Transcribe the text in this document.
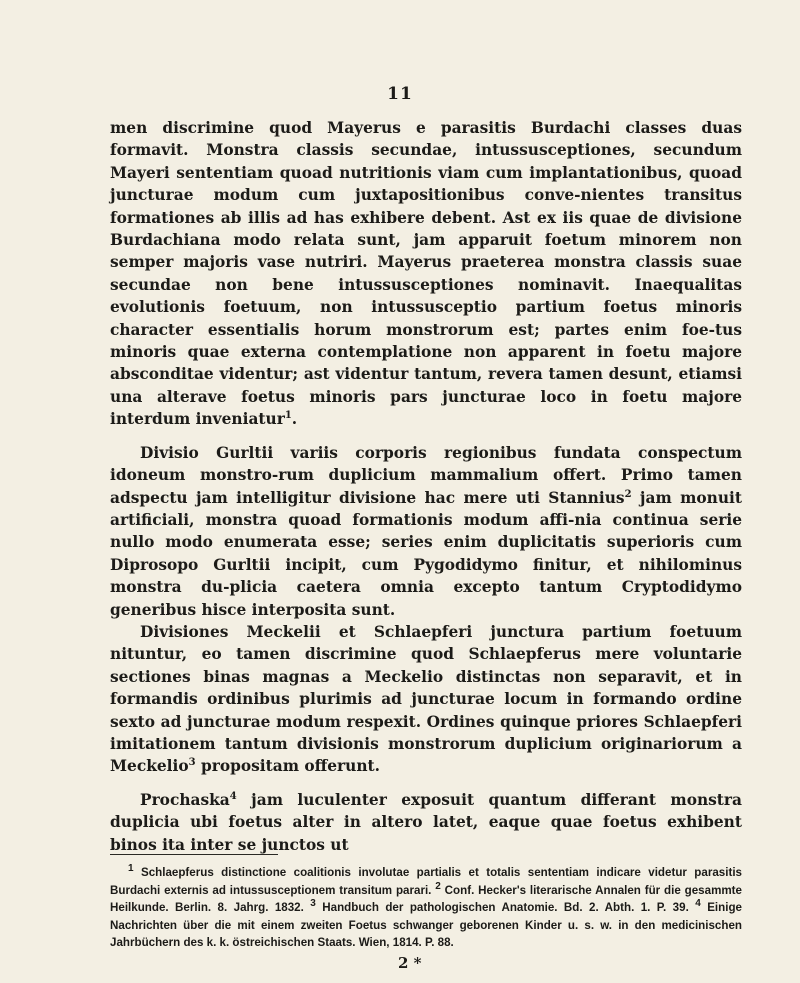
11

men discrimine quod Mayerus e parasitis Burdachi classes duas formavit. Monstra classis secundae, intussusceptiones, secundum Mayeri sententiam quoad nutritionis viam cum implantationibus, quoad juncturae modum cum juxtapositionibus conve-nientes transitus formationes ab illis ad has exhibere debent. Ast ex iis quae de divisione Burdachiana modo relata sunt, jam apparuit foetum minorem non semper majoris vase nutriri. Mayerus praeterea monstra classis suae secundae non bene intussusceptiones nominavit. Inaequalitas evolutionis foetuum, non intussusceptio partium foetus minoris character essentialis horum monstrorum est; partes enim foe-tus minoris quae externa contemplatione non apparent in foetu majore absconditae videntur; ast videntur tantum, revera tamen desunt, etiamsi una alterave foetus minoris pars juncturae loco in foetu majore interdum inveniatur$^1$.

Divisio Gurltii variis corporis regionibus fundata conspectum idoneum monstro-rum duplicium mammalium offert. Primo tamen adspectu jam intelligitur divisione hac mere uti Stannius$^2$ jam monuit artificiali, monstra quoad formationis modum affi-nia continua serie nullo modo enumerata esse; series enim duplicitatis superioris cum Diprosopo Gurltii incipit, cum Pygodidymo finitur, et nihilominus monstra du-plicia caetera omnia excepto tantum Cryptodidymo generibus hisce interposita sunt.

Divisiones Meckelii et Schlaepferi junctura partium foetuum nituntur, eo tamen discrimine quod Schlaepferus mere voluntarie sectiones binas magnas a Meckelio distinctas non separavit, et in formandis ordinibus plurimis ad juncturae locum in formando ordine sexto ad juncturae modum respexit. Ordines quinque priores Schlaepferi imitationem tantum divisionis monstrorum duplicium originariorum a Meckelio$^3$ propositam offerunt.

Prochaska$^4$ jam luculenter exposuit quantum differant monstra duplicia ubi foetus alter in altero latet, eaque quae foetus exhibent binos ita inter se junctos ut

$^1$ Schlaepferus distinctione coalitionis involutae partialis et totalis sententiam indicare videtur parasitis Burdachi externis ad intussusceptionem transitum parari. $^2$ Conf. Hecker's literarische Annalen für die gesammte Heilkunde. Berlin. 8. Jahrg. 1832. $^3$ Handbuch der pathologischen Anatomie. Bd. 2. Abth. 1. P. 39. $^4$ Einige Nachrichten über die mit einem zweiten Foetus schwanger geborenen Kinder u. s. w. in den medicinischen Jahrbüchern des k. k. östreichischen Staats. Wien, 1814. P. 88.

2 *
